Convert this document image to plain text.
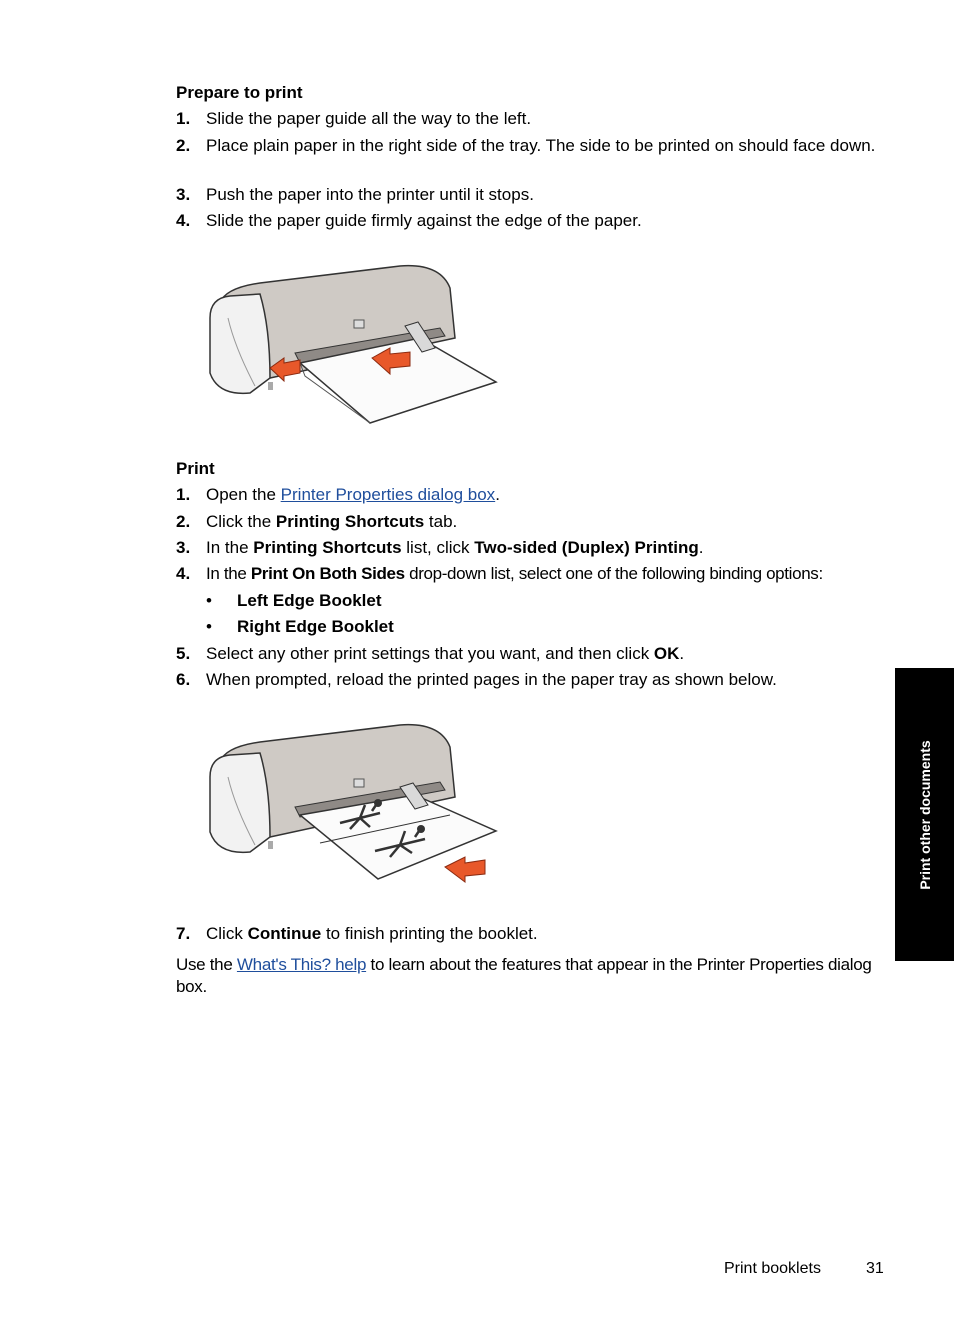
Prepare to print
1. Slide the paper guide all the way to the left.
2. Place plain paper in the right side of the tray. The side to be printed on should face down.
3. Push the paper into the printer until it stops.
4. Slide the paper guide firmly against the edge of the paper.
Print
1. Open the Printer Properties dialog box.
2. Click the Printing Shortcuts tab.
3. In the Printing Shortcuts list, click Two-sided (Duplex) Printing.
4. In the Print On Both Sides drop-down list, select one of the following binding options:
• Left Edge Booklet
• Right Edge Booklet
5. Select any other print settings that you want, and then click OK.
6. When prompted, reload the printed pages in the paper tray as shown below.
7. Click Continue to finish printing the booklet.
Use the What's This? help to learn about the features that appear in the Printer Properties dialog box.
Print other documents
Print booklets	31
